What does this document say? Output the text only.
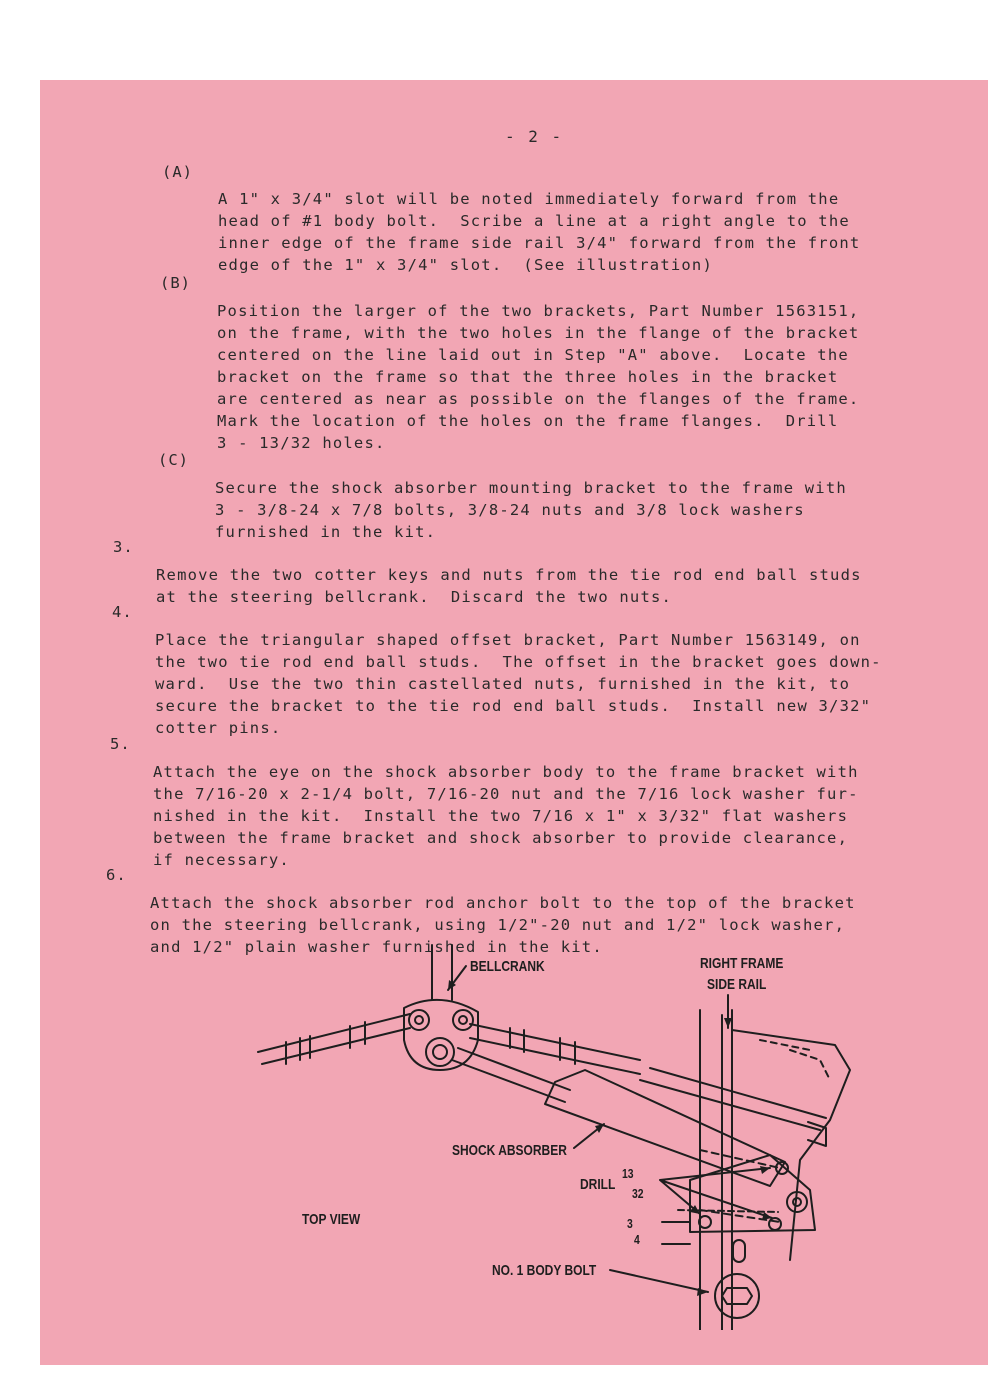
- 2 -
(A)

A 1" x 3/4" slot will be noted immediately forward from the
head of #1 body bolt.  Scribe a line at a right angle to the
inner edge of the frame side rail 3/4" forward from the front
edge of the 1" x 3/4" slot.  (See illustration)
(B)

Position the larger of the two brackets, Part Number 1563151,
on the frame, with the two holes in the flange of the bracket
centered on the line laid out in Step "A" above.  Locate the
bracket on the frame so that the three holes in the bracket
are centered as near as possible on the flanges of the frame.
Mark the location of the holes on the frame flanges.  Drill
3 - 13/32 holes.
(C)

Secure the shock absorber mounting bracket to the frame with
3 - 3/8-24 x 7/8 bolts, 3/8-24 nuts and 3/8 lock washers
furnished in the kit.
3.

Remove the two cotter keys and nuts from the tie rod end ball studs
at the steering bellcrank.  Discard the two nuts.
4.

Place the triangular shaped offset bracket, Part Number 1563149, on
the two tie rod end ball studs.  The offset in the bracket goes down-
ward.  Use the two thin castellated nuts, furnished in the kit, to
secure the bracket to the tie rod end ball studs.  Install new 3/32"
cotter pins.
5.

Attach the eye on the shock absorber body to the frame bracket with
the 7/16-20 x 2-1/4 bolt, 7/16-20 nut and the 7/16 lock washer fur-
nished in the kit.  Install the two 7/16 x 1" x 3/32" flat washers
between the frame bracket and shock absorber to provide clearance,
if necessary.
6.

Attach the shock absorber rod anchor bolt to the top of the bracket
on the steering bellcrank, using 1/2"-20 nut and 1/2" lock washer,
and 1/2" plain washer furnished in the kit.
BELLCRANK	RIGHT FRAME
SIDE RAIL
SHOCK ABSORBER
DRILL
13
32
3
4
TOP VIEW
NO. 1 BODY BOLT
